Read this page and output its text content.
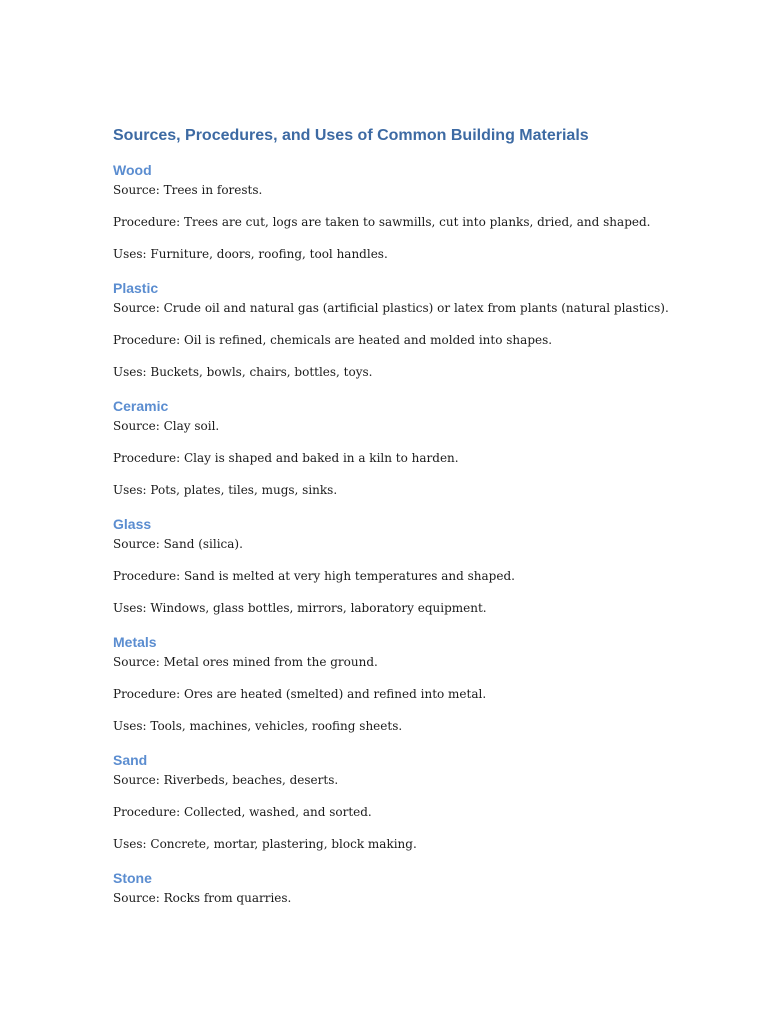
Sources, Procedures, and Uses of Common Building Materials
Wood

Source: Trees in forests.

Procedure: Trees are cut, logs are taken to sawmills, cut into planks, dried, and shaped.

Uses: Furniture, doors, roofing, tool handles.

Plastic

Source: Crude oil and natural gas (artificial plastics) or latex from plants (natural plastics).

Procedure: Oil is refined, chemicals are heated and molded into shapes.

Uses: Buckets, bowls, chairs, bottles, toys.

Ceramic

Source: Clay soil.

Procedure: Clay is shaped and baked in a kiln to harden.

Uses: Pots, plates, tiles, mugs, sinks.

Glass

Source: Sand (silica).

Procedure: Sand is melted at very high temperatures and shaped.

Uses: Windows, glass bottles, mirrors, laboratory equipment.

Metals

Source: Metal ores mined from the ground.

Procedure: Ores are heated (smelted) and refined into metal.

Uses: Tools, machines, vehicles, roofing sheets.

Sand

Source: Riverbeds, beaches, deserts.

Procedure: Collected, washed, and sorted.

Uses: Concrete, mortar, plastering, block making.

Stone

Source: Rocks from quarries.
